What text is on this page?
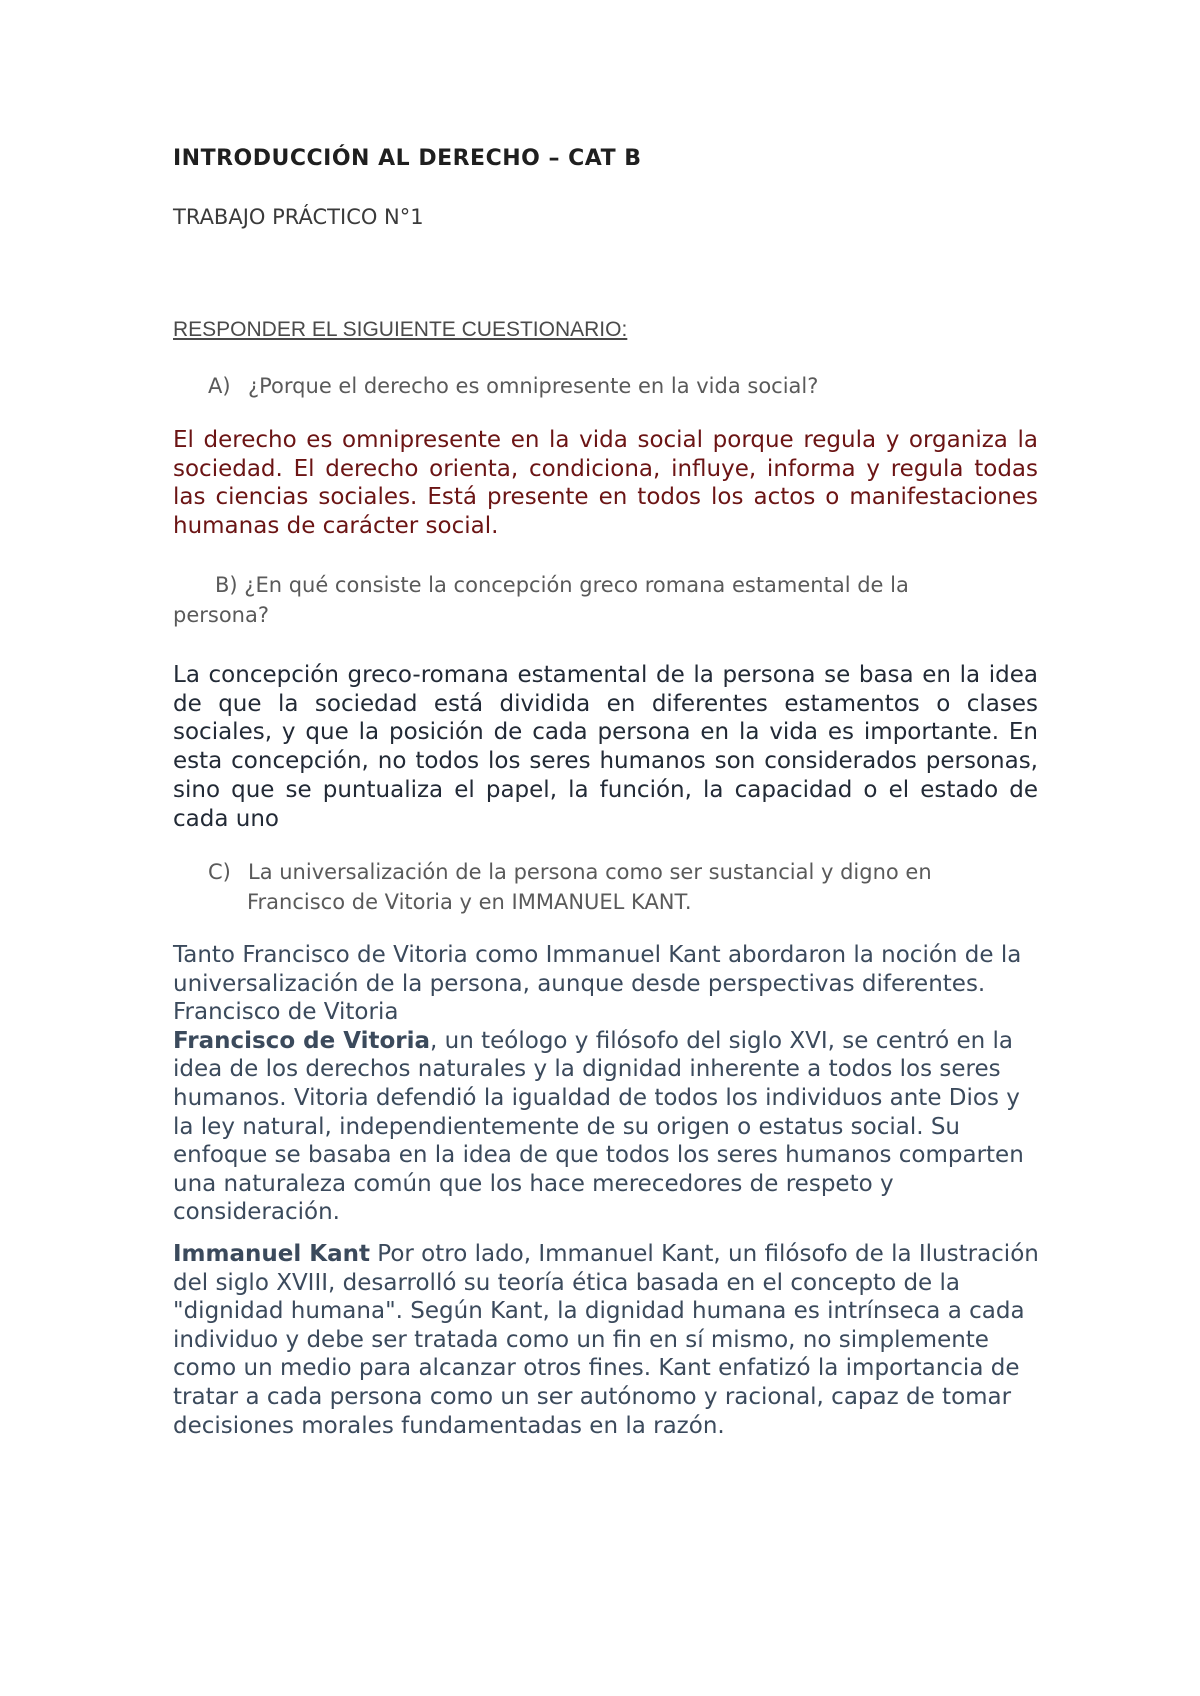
INTRODUCCIÓN AL DERECHO – CAT B
TRABAJO PRÁCTICO N°1
RESPONDER EL SIGUIENTE CUESTIONARIO:
A) ¿Porque el derecho es omnipresente en la vida social?

El derecho es omnipresente en la vida social porque regula y organiza la sociedad. El derecho orienta, condiciona, influye, informa y regula todas las ciencias sociales. Está presente en todos los actos o manifestaciones humanas de carácter social.

B) ¿En qué consiste la concepción greco romana estamental de la persona?

La concepción greco-romana estamental de la persona se basa en la idea de que la sociedad está dividida en diferentes estamentos o clases sociales, y que la posición de cada persona en la vida es importante. En esta concepción, no todos los seres humanos son considerados personas, sino que se puntualiza el papel, la función, la capacidad o el estado de cada uno

C) La universalización de la persona como ser sustancial y digno en
Francisco de Vitoria y en IMMANUEL KANT.

Tanto Francisco de Vitoria como Immanuel Kant abordaron la noción de la universalización de la persona, aunque desde perspectivas diferentes.

Francisco de Vitoria

Francisco de Vitoria, un teólogo y filósofo del siglo XVI, se centró en la idea de los derechos naturales y la dignidad inherente a todos los seres humanos. Vitoria defendió la igualdad de todos los individuos ante Dios y la ley natural, independientemente de su origen o estatus social. Su enfoque se basaba en la idea de que todos los seres humanos comparten una naturaleza común que los hace merecedores de respeto y consideración.

Immanuel Kant Por otro lado, Immanuel Kant, un filósofo de la Ilustración del siglo XVIII, desarrolló su teoría ética basada en el concepto de la "dignidad humana". Según Kant, la dignidad humana es intrínseca a cada individuo y debe ser tratada como un fin en sí mismo, no simplemente como un medio para alcanzar otros fines. Kant enfatizó la importancia de tratar a cada persona como un ser autónomo y racional, capaz de tomar decisiones morales fundamentadas en la razón.
